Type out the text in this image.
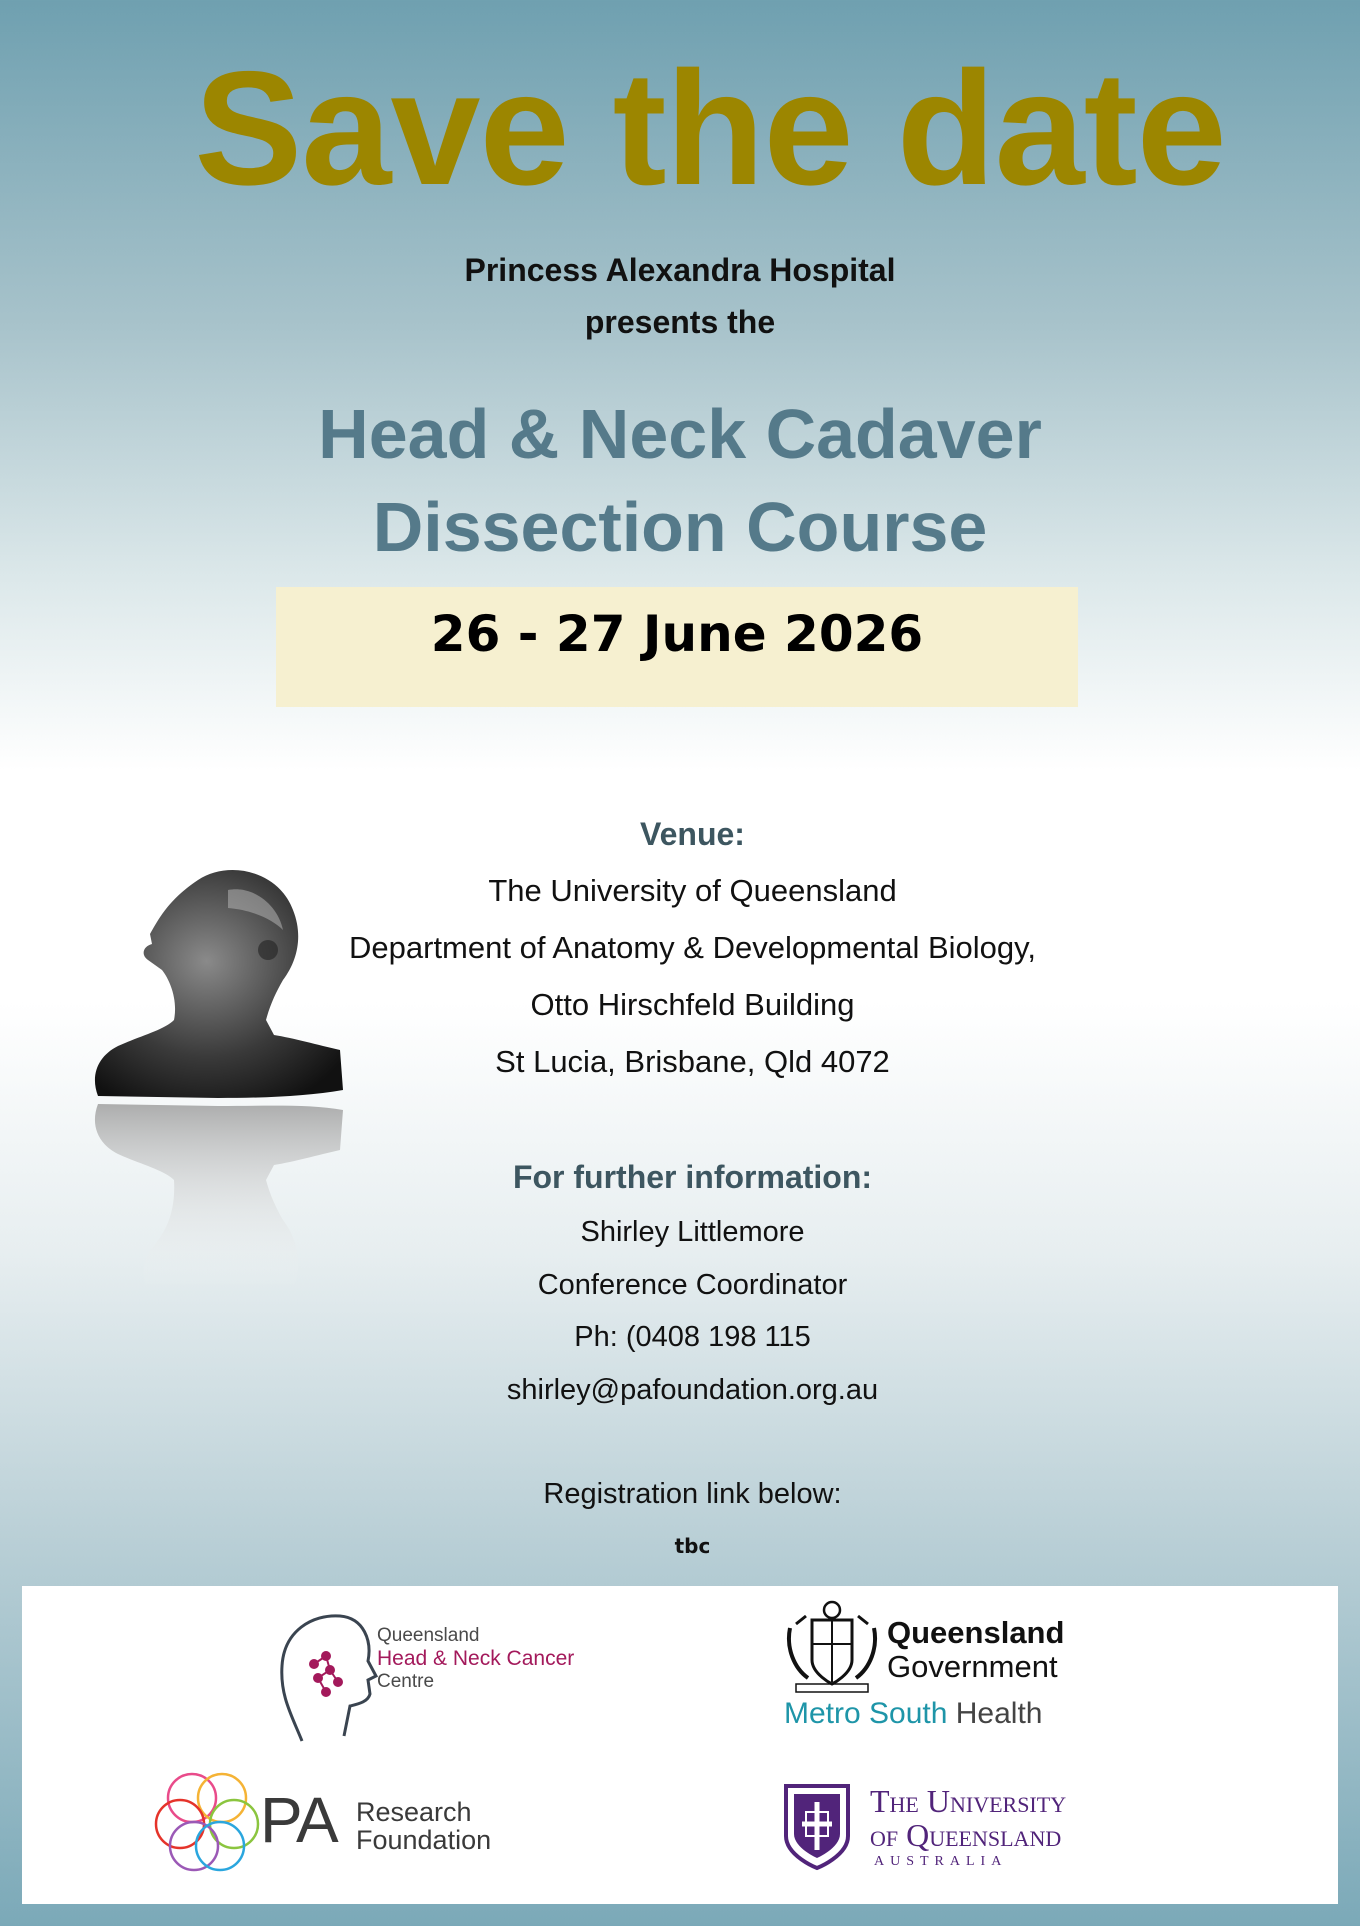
Save the date
Princess Alexandra Hospital
presents the
Head & Neck Cadaver
Dissection Course
26 - 27 June 2026
Venue:
The University of Queensland
Department of Anatomy & Developmental Biology,
Otto Hirschfeld Building
St Lucia, Brisbane, Qld 4072
For further information:
Shirley Littlemore
Conference Coordinator
Ph: (0408 198 115
shirley@pafoundation.org.au
Registration link below:
tbc
Queensland
Head & Neck Cancer
Centre
Queensland
Government
Metro South Health
PA Research
Foundation
The University
of Queensland
AUSTRALIA
